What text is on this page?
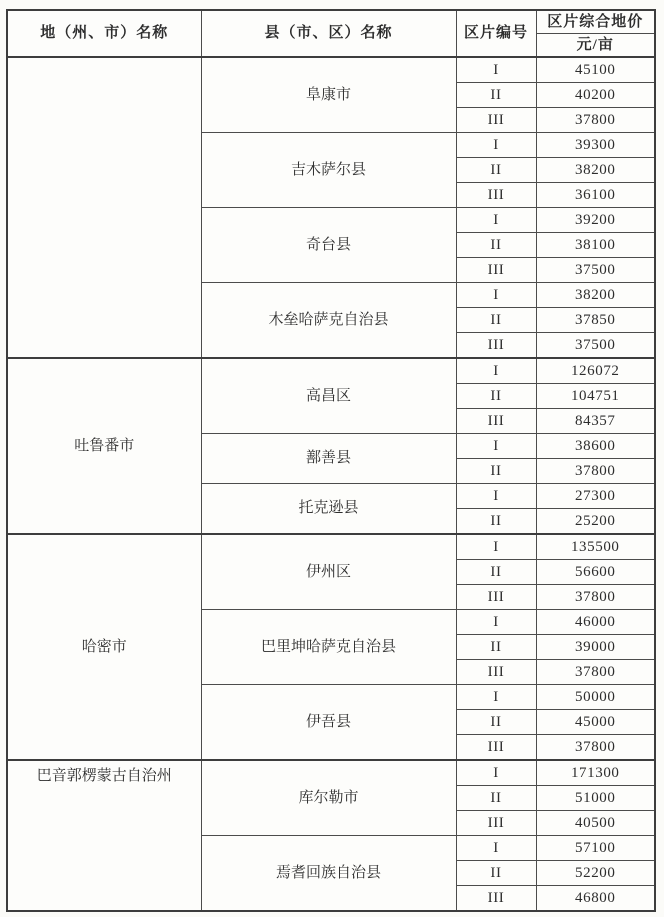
地（州、市）名称	县（市、区）名称	区片编号	区片综合地价
			元/亩
	阜康市	I	45100
		II	40200
		III	37800
	吉木萨尔县	I	39300
		II	38200
		III	36100
	奇台县	I	39200
		II	38100
		III	37500
	木垒哈萨克自治县	I	38200
		II	37850
		III	37500
吐鲁番市	高昌区	I	126072
		II	104751
		III	84357
	鄯善县	I	38600
		II	37800
	托克逊县	I	27300
		II	25200
哈密市	伊州区	I	135500
		II	56600
		III	37800
	巴里坤哈萨克自治县	I	46000
		II	39000
		III	37800
	伊吾县	I	50000
		II	45000
		III	37800
巴音郭楞蒙古自治州	库尔勒市	I	171300
		II	51000
		III	40500
	焉耆回族自治县	I	57100
		II	52200
		III	46800
